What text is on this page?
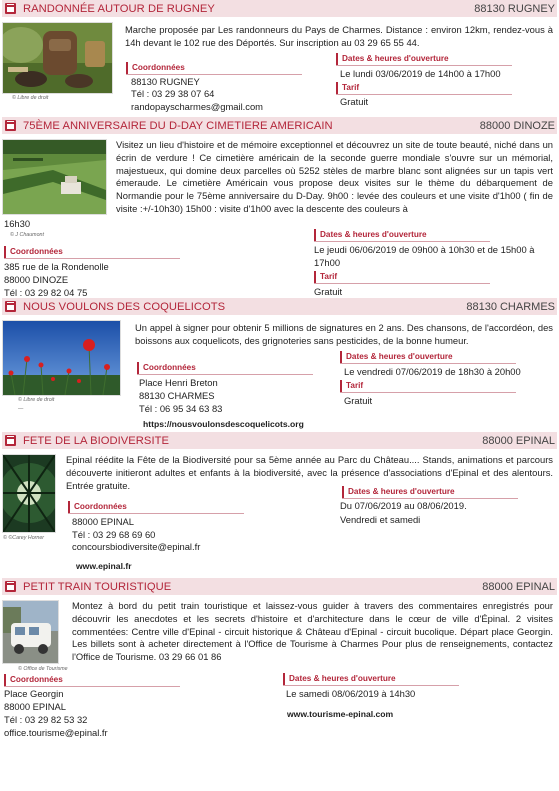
RANDONNÉE AUTOUR DE RUGNEY	88130 RUGNEY
© Libre de droit

Marche proposée par Les randonneurs du Pays de Charmes. Distance : environ 12km, rendez-vous à 14h devant le 102 rue des Déportés. Sur inscription au 03 29 65 55 44.

Coordonnées
88130 RUGNEY
Tél : 03 29 38 07 64
randopayscharmes@gmail.com
Dates & heures d'ouverture
Le lundi 03/06/2019 de 14h00 à 17h00
Tarif
Gratuit
75ÈME ANNIVERSAIRE DU D-DAY CIMETIERE AMERICAIN	88000 DINOZE
© J Chaumont

Visitez un lieu d'histoire et de mémoire exceptionnel et découvrez un site de toute beauté, niché dans un écrin de verdure ! Ce cimetière américain de la seconde guerre mondiale s'ouvre sur un mémorial, majestueux, qui domine deux parcelles où 5252 stèles de marbre blanc sont alignées sur un tapis vert émeraude. Le cimetière Américain vous propose deux visites sur le thème du débarquement de Normandie pour le 75ème anniversaire du D-Day. 9h00 : levée des couleurs et une visite d'1h00 ( fin de visite :+/-10h30) 15h00 : visite d'1h00 avec la descente des couleurs à

16h30
Coordonnées
385 rue de la Rondenolle
88000 DINOZE
Tél : 03 29 82 04 75
Dates & heures d'ouverture
Le jeudi 06/06/2019 de 09h00 à 10h30 et de 15h00 à
17h00
Tarif
Gratuit
NOUS VOULONS DES COQUELICOTS	88130 CHARMES
© Libre de droit
—

Un appel à signer pour obtenir 5 millions de signatures en 2 ans. Des chansons, de l'accordéon, des boissons aux coquelicots, des grignoteries sans pesticides, de la bonne humeur.

Coordonnées
Place Henri Breton
88130 CHARMES
Tél : 06 95 34 63 83
https://nousvoulonsdescoquelicots.org
Dates & heures d'ouverture
Le vendredi 07/06/2019 de 18h30 à 20h00
Tarif
Gratuit
FETE DE LA BIODIVERSITE	88000 EPINAL
© ©Carey Horner

Epinal réédite la Fête de la Biodiversité pour sa 5ème année au Parc du Château.... Stands, animations et parcours découverte initieront adultes et enfants à la biodiversité, avec la présence d'associations d'Epinal et des alentours. Entrée gratuite.

Coordonnées
88000 EPINAL
Tél : 03 29 68 69 60
concoursbiodiversite@epinal.fr
www.epinal.fr
Dates & heures d'ouverture
Du 07/06/2019 au 08/06/2019.
Vendredi et samedi
PETIT TRAIN TOURISTIQUE	88000 EPINAL
© Office de Tourisme

Montez à bord du petit train touristique et laissez-vous guider à travers des commentaires enregistrés pour découvrir les anecdotes et les secrets d'histoire et d'architecture dans le cœur de ville d'Épinal. 2 visites commentées: Centre ville d'Epinal - circuit historique & Château d'Epinal - circuit bucolique. Départ place Georgin. Les billets sont à acheter directement à l'Office de Tourisme à Charmes Pour plus de renseignements, contactez l'Office de Tourisme. 03 29 66 01 86

Coordonnées
Place Georgin
88000 EPINAL
Tél : 03 29 82 53 32
office.tourisme@epinal.fr
Dates & heures d'ouverture
Le samedi 08/06/2019 à 14h30
www.tourisme-epinal.com
